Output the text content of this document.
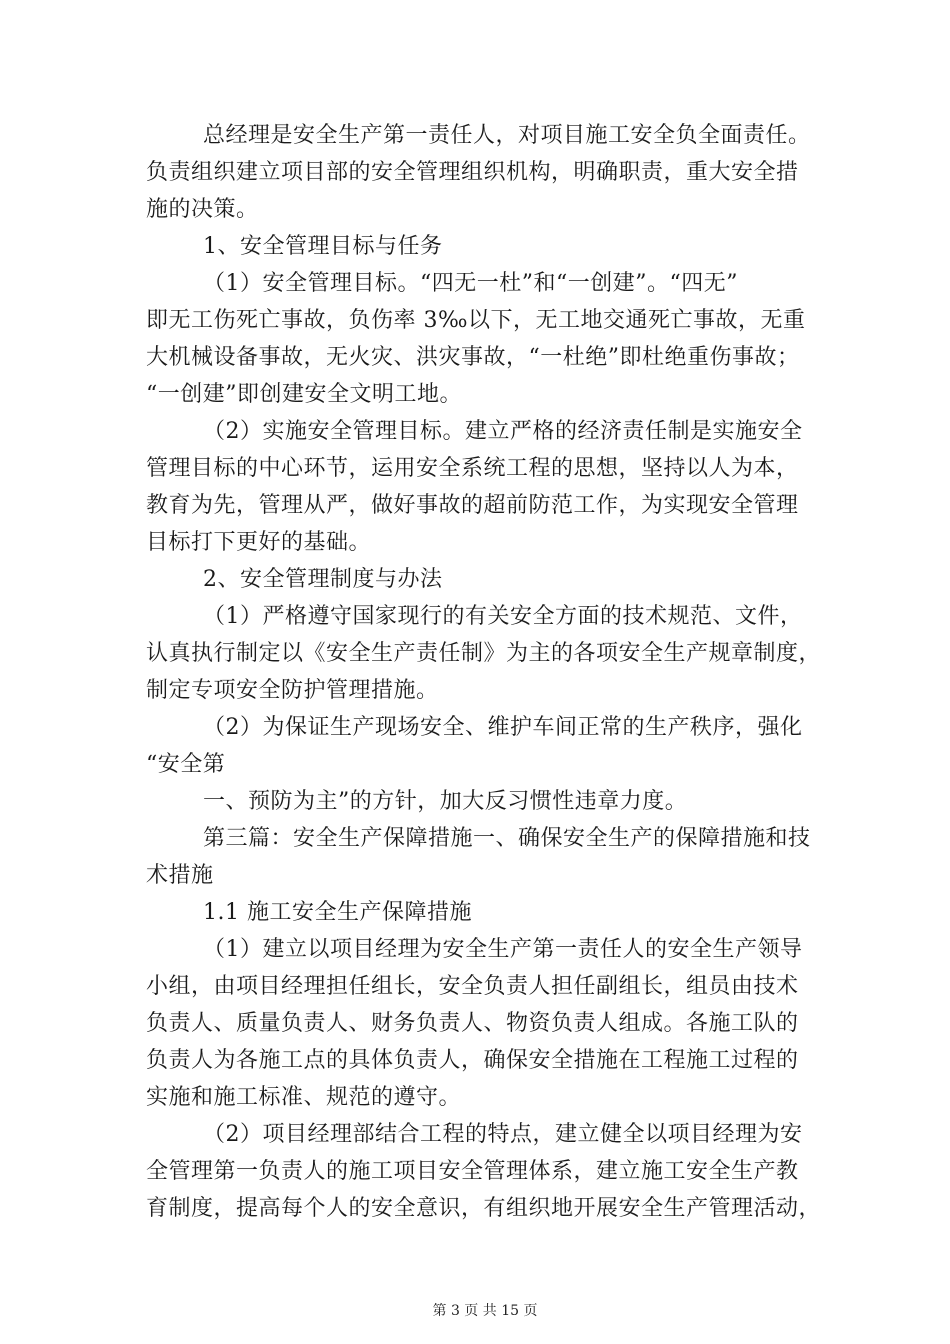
总经理是安全生产第一责任人，对项目施工安全负全面责任。
负责组织建立项目部的安全管理组织机构，明确职责，重大安全措
施的决策。
1、安全管理目标与任务
（1）安全管理目标。“四无一杜”和“一创建”。“四无”
即无工伤死亡事故，负伤率 3‰以下，无工地交通死亡事故，无重
大机械设备事故，无火灾、洪灾事故，“一杜绝”即杜绝重伤事故；
“一创建”即创建安全文明工地。
（2）实施安全管理目标。建立严格的经济责任制是实施安全
管理目标的中心环节，运用安全系统工程的思想，坚持以人为本，
教育为先，管理从严，做好事故的超前防范工作，为实现安全管理
目标打下更好的基础。
2、安全管理制度与办法
（1）严格遵守国家现行的有关安全方面的技术规范、文件，
认真执行制定以《安全生产责任制》为主的各项安全生产规章制度，
制定专项安全防护管理措施。
（2）为保证生产现场安全、维护车间正常的生产秩序，强化
“安全第
一、预防为主”的方针，加大反习惯性违章力度。
第三篇：安全生产保障措施一、确保安全生产的保障措施和技
术措施
1.1 施工安全生产保障措施
（1）建立以项目经理为安全生产第一责任人的安全生产领导
小组，由项目经理担任组长，安全负责人担任副组长，组员由技术
负责人、质量负责人、财务负责人、物资负责人组成。各施工队的
负责人为各施工点的具体负责人，确保安全措施在工程施工过程的
实施和施工标准、规范的遵守。
（2）项目经理部结合工程的特点，建立健全以项目经理为安
全管理第一负责人的施工项目安全管理体系，建立施工安全生产教
育制度，提高每个人的安全意识，有组织地开展安全生产管理活动，
第 3 页 共 15 页
